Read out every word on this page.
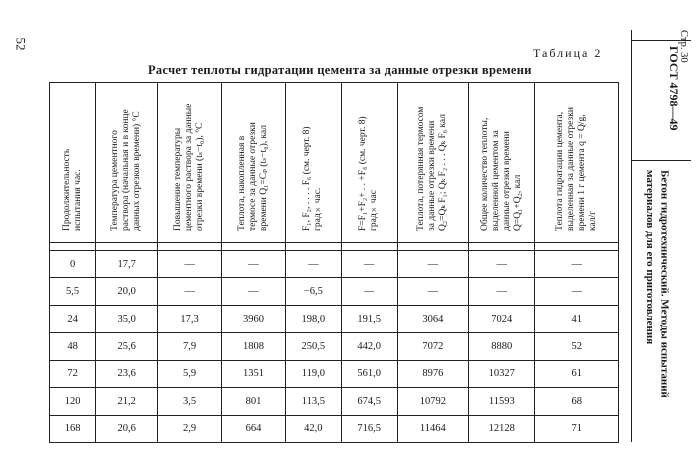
52
Таблица 2
Расчет теплоты гидратации цемента за данные отрезки времени
Продолжительность испытания час.	Температура цементного раствора (начальная и в конце данных отрезков времени) °С	Повышение температуры цементного раствора за данные отрезки времени (tₛ−t₀), °С	Теплота, накопленная в термосе за данные отрезки времени Q₁=Cₚ (tₛ−t₀), кал	F₁, F₂, . . . . F₆ (см. черт. 8) град×час.	F=F₁+F₂+ . . +F₆ (см. черт. 8) град×час	Теплота, потерянная термосом за данные отрезки времени Q₂=Qₖ F₁; Qₖ F₂ . . . Qₖ F₆ кал	Общее количество теплоты, выделенной цементом за данные отрезки времени Q=Q₁+Q₂, кал	Теплота гидратации цемента, выделенная за данные отрезки времени 1 г цемента q = Q/g, кал/г

0	17,7	—	—	—	—	—	—	—
5,5	20,0	—	—	−6,5	—	—	—	—
24	35,0	17,3	3960	198,0	191,5	3064	7024	41
48	25,6	7,9	1808	250,5	442,0	7072	8880	52
72	23,6	5,9	1351	119,0	561,0	8976	10327	61
120	21,2	3,5	801	113,5	674,5	10792	11593	68
168	20,6	2,9	664	42,0	716,5	11464	12128	71
Стр. 30
ГОСТ 4798—49
Бетон гидротехнический. Методы испытаний материалов для его приготовления
